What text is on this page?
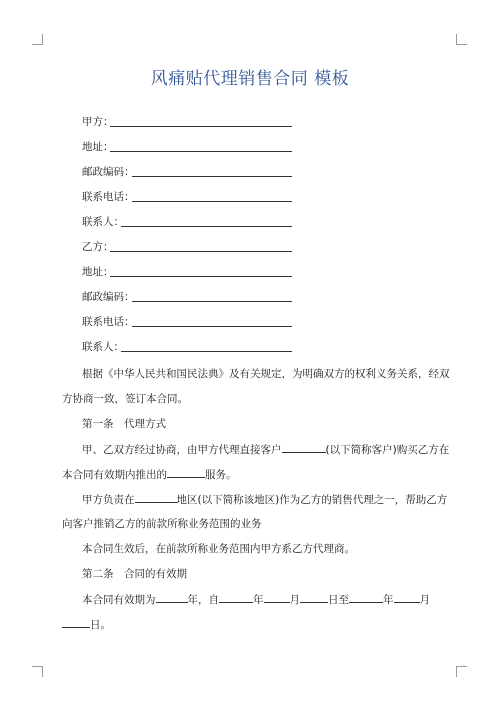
风痛贴代理销售合同 模板
甲方：
地址：
邮政编码：
联系电话：
联系人：
乙方：
地址：
邮政编码：
联系电话：
联系人：
根据《中华人民共和国民法典》及有关规定，为明确双方的权利义务关系，经双
方协商一致，签订本合同。
第一条　代理方式
甲、乙双方经过协商，由甲方代理直接客户	(以下简称客户)购买乙方在
本合同有效期内推出的	服务。
甲方负责在	地区(以下简称该地区)作为乙方的销售代理之一，帮助乙方
向客户推销乙方的前款所称业务范围的业务
本合同生效后，在前款所称业务范围内甲方系乙方代理商。
第二条　合同的有效期
本合同有效期为	年，自	年 月	日至	年 月
日。
